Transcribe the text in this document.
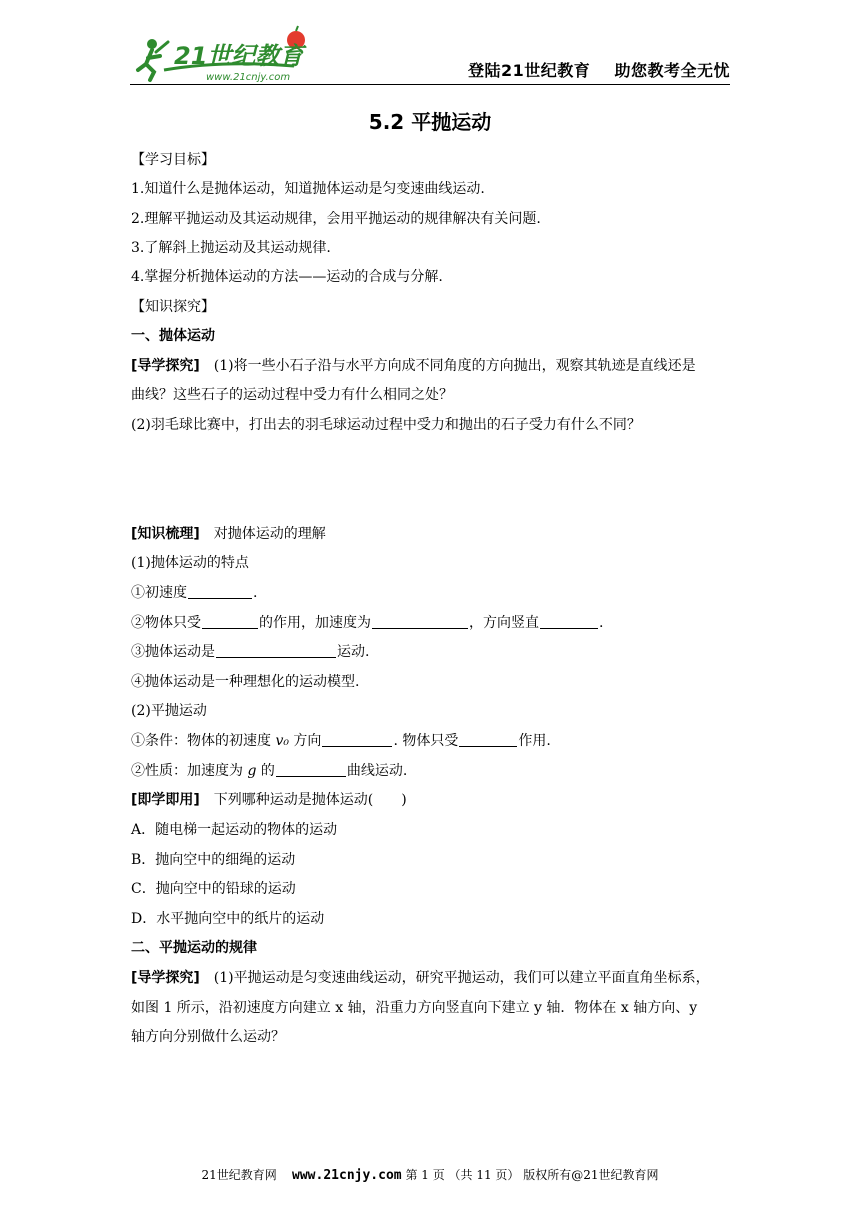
21世纪教育
www.21cnjy.com	登陆21世纪教育    助您教考全无忧
5.2 平抛运动
【学习目标】
1.知道什么是抛体运动，知道抛体运动是匀变速曲线运动.
2.理解平抛运动及其运动规律，会用平抛运动的规律解决有关问题.
3.了解斜上抛运动及其运动规律.
4.掌握分析抛体运动的方法——运动的合成与分解.
【知识探究】
一、抛体运动
[导学探究]　 (1)将一些小石子沿与水平方向成不同角度的方向抛出，观察其轨迹是直线还是
曲线？这些石子的运动过程中受力有什么相同之处？
(2)羽毛球比赛中，打出去的羽毛球运动过程中受力和抛出的石子受力有什么不同？
[知识梳理]　 对抛体运动的理解
(1)抛体运动的特点
①初速度	.
②物体只受	的作用，加速度为	，方向竖直	.
③抛体运动是	运动.
④抛体运动是一种理想化的运动模型.
(2)平抛运动
①条件：物体的初速度 v₀ 方向	. 物体只受	作用.
②性质：加速度为 g 的	曲线运动.
[即学即用]　 下列哪种运动是抛体运动(　　)
A．随电梯一起运动的物体的运动
B．抛向空中的细绳的运动
C．抛向空中的铅球的运动
D．水平抛向空中的纸片的运动
二、平抛运动的规律
[导学探究]　 (1)平抛运动是匀变速曲线运动，研究平抛运动，我们可以建立平面直角坐标系，
如图 1 所示，沿初速度方向建立 x 轴，沿重力方向竖直向下建立 y 轴．物体在 x 轴方向、y
轴方向分别做什么运动？
21世纪教育网 www.21cnjy.com 第 1 页 （共 11 页） 版权所有@21世纪教育网
